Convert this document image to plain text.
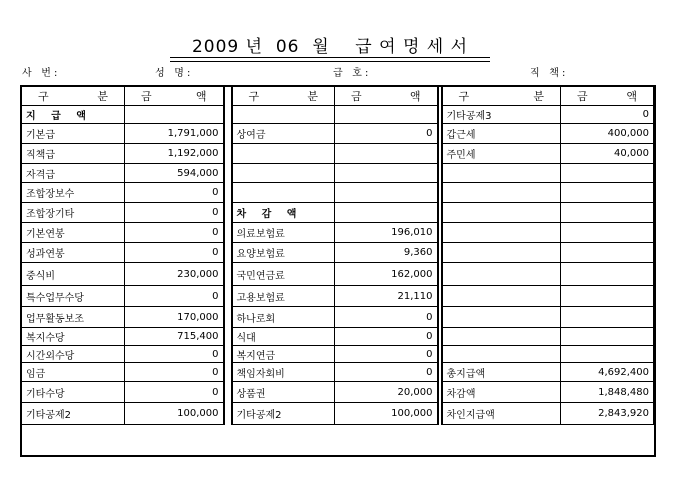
2009 년  06  월    급 여 명 세 서
사   번 :	성   명 :	급   호 :	직   책 :
구 분	금 액		구 분	금 액		구 분	금 액
지 급 액						기타공제3	0
기본급	1,791,000		상여금	0		갑근세	400,000
직책급	1,192,000					주민세	40,000
자격급	594,000						
조합장보수	0						
조합장기타	0		차 감 액				
기본연봉	0		의료보험료	196,010			
성과연봉	0		요양보험료	9,360			
중식비	230,000		국민연금료	162,000			
특수업무수당	0		고용보험료	21,110			
업무활동보조	170,000		하나로회	0			
복지수당	715,400		식대	0			
시간외수당	0		복지연금	0			
임금	0		책임자회비	0		총지급액	4,692,400
기타수당	0		상품권	20,000		차감액	1,848,480
기타공제2	100,000		기타공제2	100,000		차인지급액	2,843,920
